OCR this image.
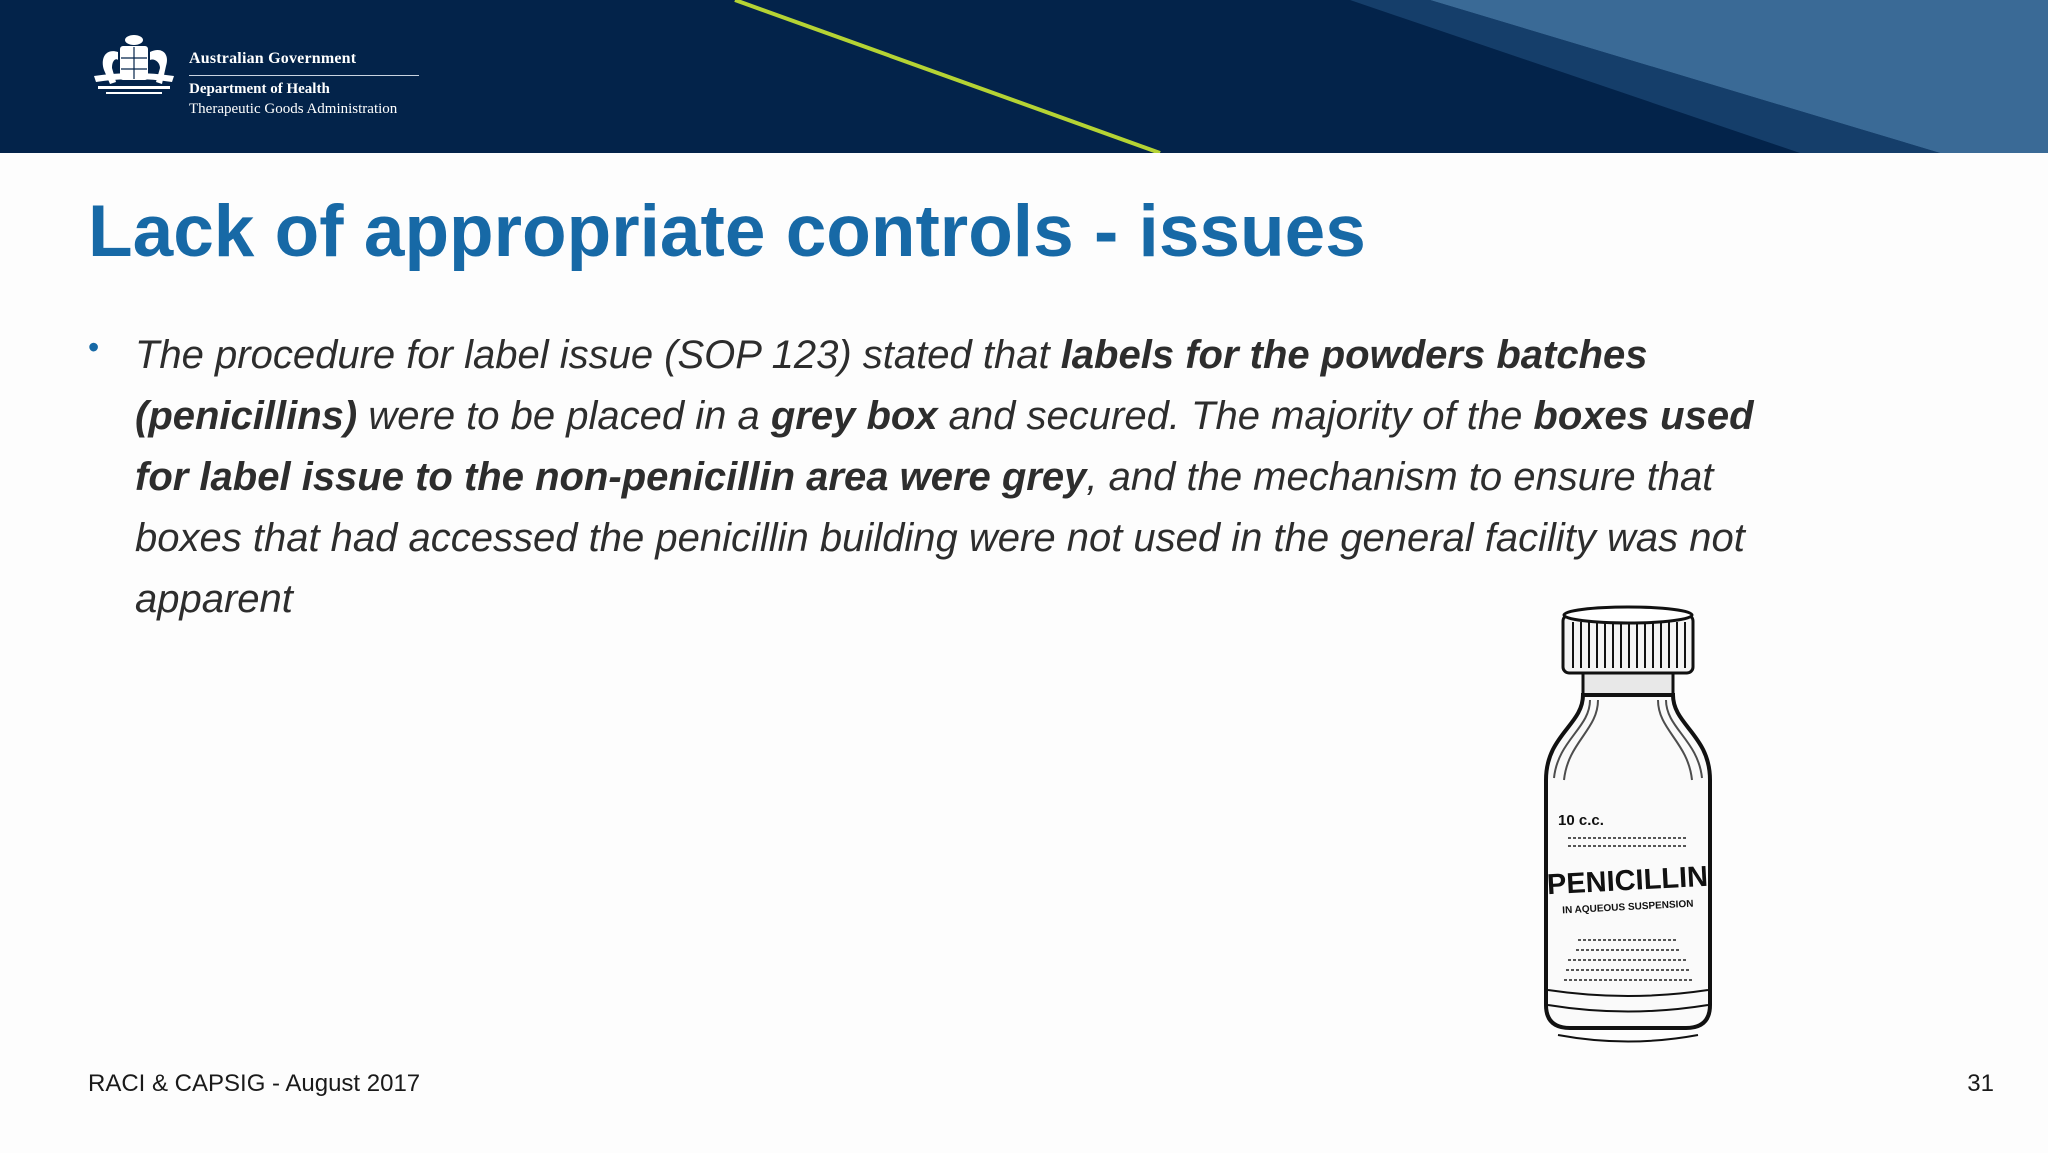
Australian Government
Department of Health
Therapeutic Goods Administration
Lack of appropriate controls - issues
• The procedure for label issue (SOP 123) stated that labels for the powders batches (penicillins) were to be placed in a grey box and secured. The majority of the boxes used for label issue to the non-penicillin area were grey, and the mechanism to ensure that boxes that had accessed the penicillin building were not used in the general facility was not apparent
10 c.c.
PENICILLIN
IN AQUEOUS SUSPENSION
RACI & CAPSIG - August 2017	31
